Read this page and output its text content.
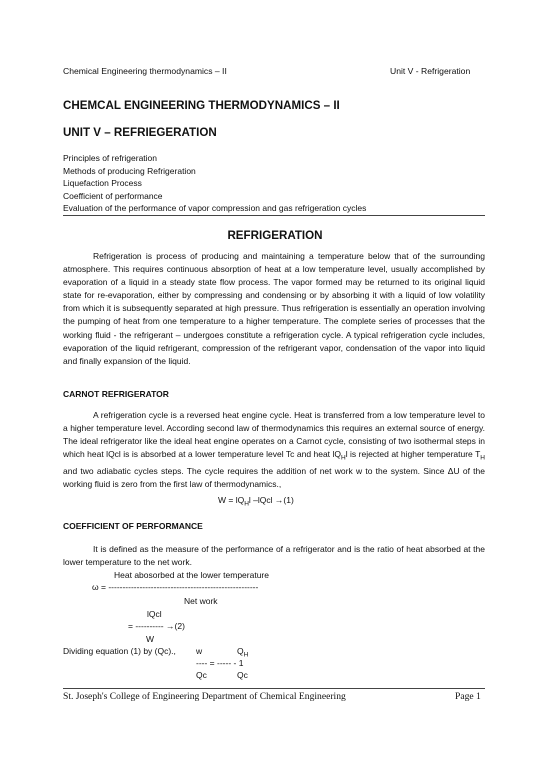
Chemical Engineering thermodynamics – II	Unit V - Refrigeration
CHEMCAL ENGINEERING THERMODYNAMICS – II
UNIT V – REFRIEGERATION
Principles of refrigeration
Methods of producing Refrigeration
Liquefaction Process
Coefficient of performance
Evaluation of the performance of vapor compression and gas refrigeration cycles
REFRIGERATION

Refrigeration is process of producing and maintaining a temperature below that of the surrounding atmosphere. This requires continuous absorption of heat at a low temperature level, usually accomplished by evaporation of a liquid in a steady state flow process. The vapor formed may be returned to its original liquid state for re-evaporation, either by compressing and condensing or by absorbing it with a liquid of low volatility from which it is subsequently separated at high pressure. Thus refrigeration is essentially an operation involving the pumping of heat from one temperature to a higher temperature. The complete series of processes that the working fluid - the refrigerant – undergoes constitute a refrigeration cycle. A typical refrigeration cycle includes, evaporation of the liquid refrigerant, compression of the refrigerant vapor, condensation of the vapor into liquid and finally expansion of the liquid.

CARNOT REFRIGERATOR

A refrigeration cycle is a reversed heat engine cycle. Heat is transferred from a low temperature level to a higher temperature level. According second law of thermodynamics this requires an external source of energy. The ideal refrigerator like the ideal heat engine operates on a Carnot cycle, consisting of two isothermal steps in which heat lQcl is is absorbed at a lower temperature level Tc and heat $lQ_Hl$ is rejected at higher temperature $T_H$ and two adiabatic cycles steps. The cycle requires the addition of net work w to the system. Since ΔU of the working fluid is zero from the first law of thermodynamics.,

$W = lQ_Hl$ –lQcl →(1)
COEFFICIENT OF PERFORMANCE

It is defined as the measure of the performance of a refrigerator and is the ratio of heat absorbed at the lower temperature to the net work.

Heat abosorbed at the lower temperature
ω = -----------------------------------------------------
Net work
lQcl
= ---------- →(2)
W
Dividing equation (1) by (Qc)., w	$Q_H$
---- = ----- - 1
Qc	Qc
St. Joseph's College of Engineering Department of Chemical Engineering	Page 1
